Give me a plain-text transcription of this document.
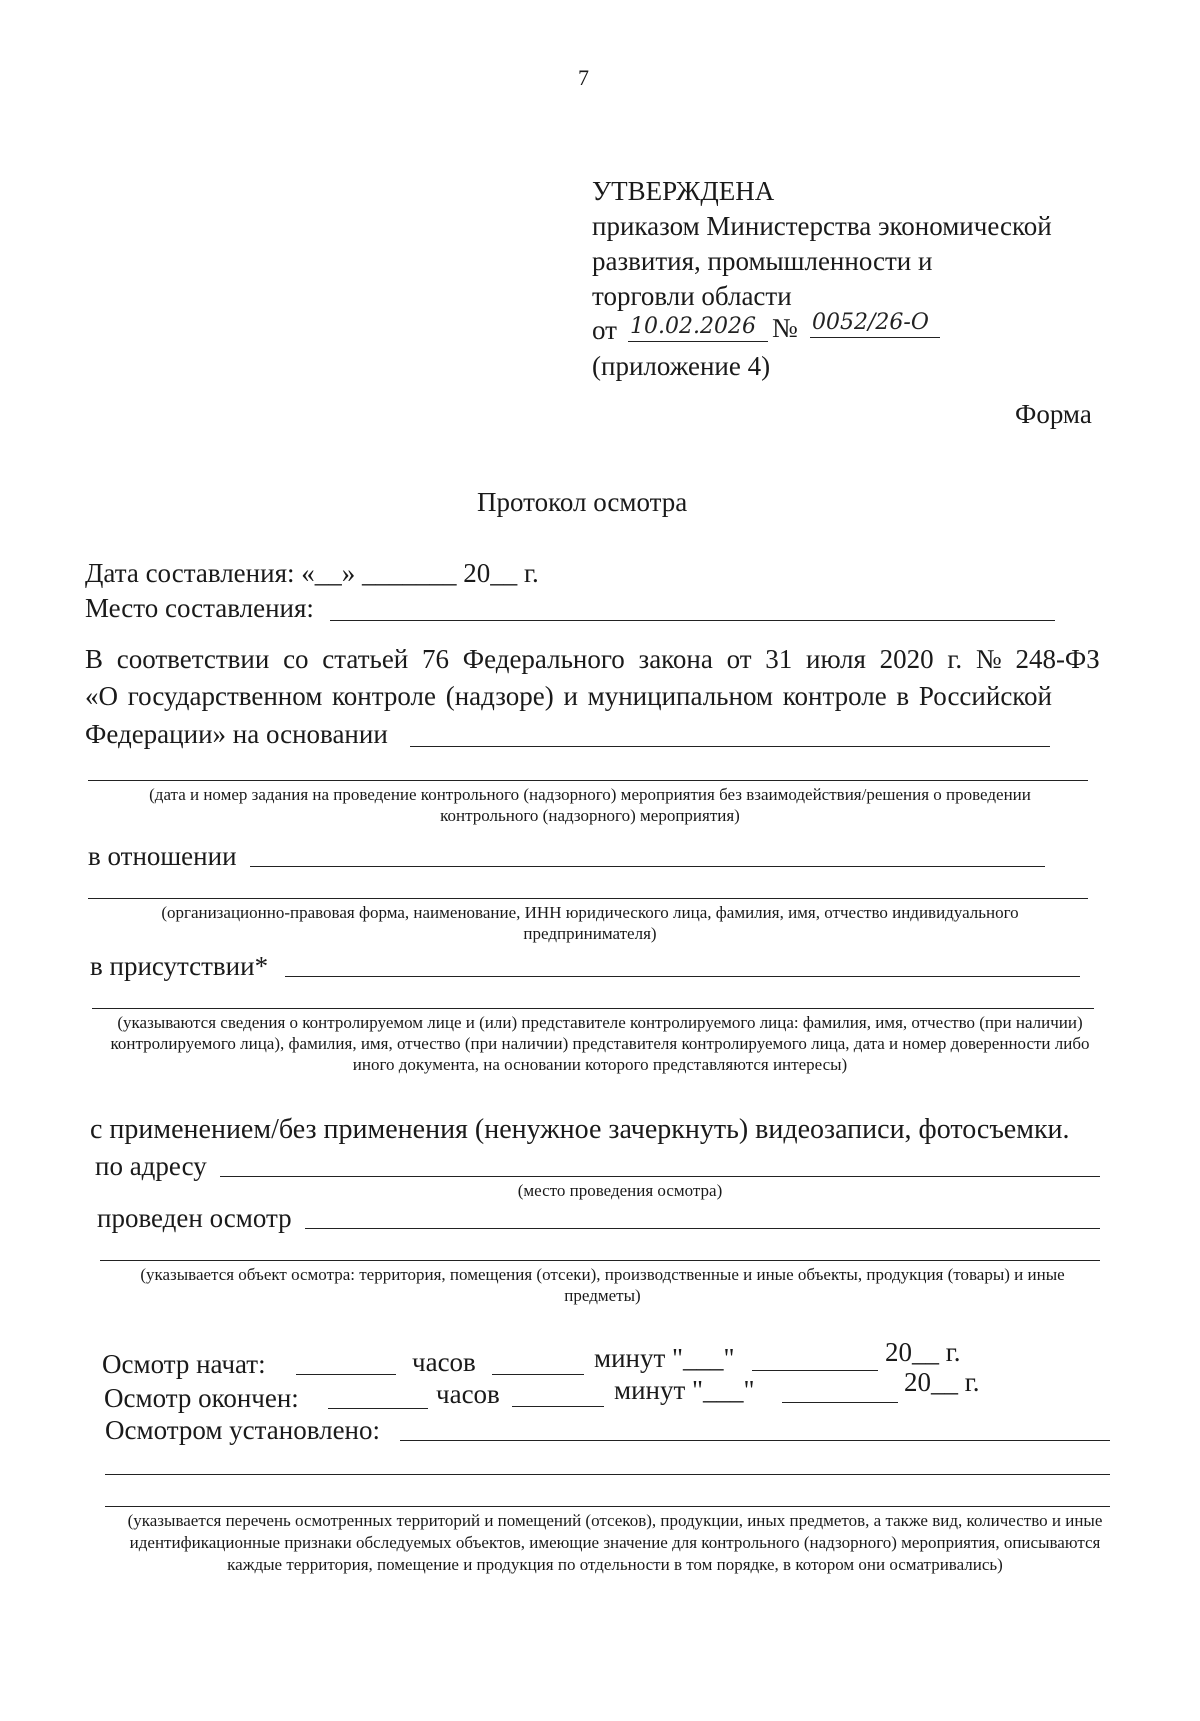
7
УТВЕРЖДЕНА
приказом Министерства экономической
развития, промышленности и
торговли области
(приложение 4)
от 10.02.2026 № 0052/26-О
Форма
Протокол осмотра
Дата составления: «__» _______ 20__ г.
Место составления:
В соответствии со статьей 76 Федерального закона от 31 июля 2020 г. № 248-ФЗ
«О государственном контроле (надзоре) и муниципальном контроле в Российской
Федерации» на основании
(дата и номер задания на проведение контрольного (надзорного) мероприятия без взаимодействия/решения о проведении контрольного (надзорного) мероприятия)
в отношении
(организационно-правовая форма, наименование, ИНН юридического лица, фамилия, имя, отчество индивидуального предпринимателя)
в присутствии*
(указываются сведения о контролируемом лице и (или) представителе контролируемого лица: фамилия, имя, отчество (при наличии) контролируемого лица), фамилия, имя, отчество (при наличии) представителя контролируемого лица, дата и номер доверенности либо иного документа, на основании которого представляются интересы)
с применением/без применения (ненужное зачеркнуть) видеозаписи, фотосъемки.
по адресу
(место проведения осмотра)
проведен осмотр
(указывается объект осмотра: территория, помещения (отсеки), производственные и иные объекты, продукция (товары) и иные предметы)
Осмотр начат:	часов	минут "___"	20__ г.
Осмотр окончен:	часов	минут "___"	20__ г.
Осмотром установлено:
(указывается перечень осмотренных территорий и помещений (отсеков), продукции, иных предметов, а также вид, количество и иные идентификационные признаки обследуемых объектов, имеющие значение для контрольного (надзорного) мероприятия, описываются каждые территория, помещение и продукция по отдельности в том порядке, в котором они осматривались)
